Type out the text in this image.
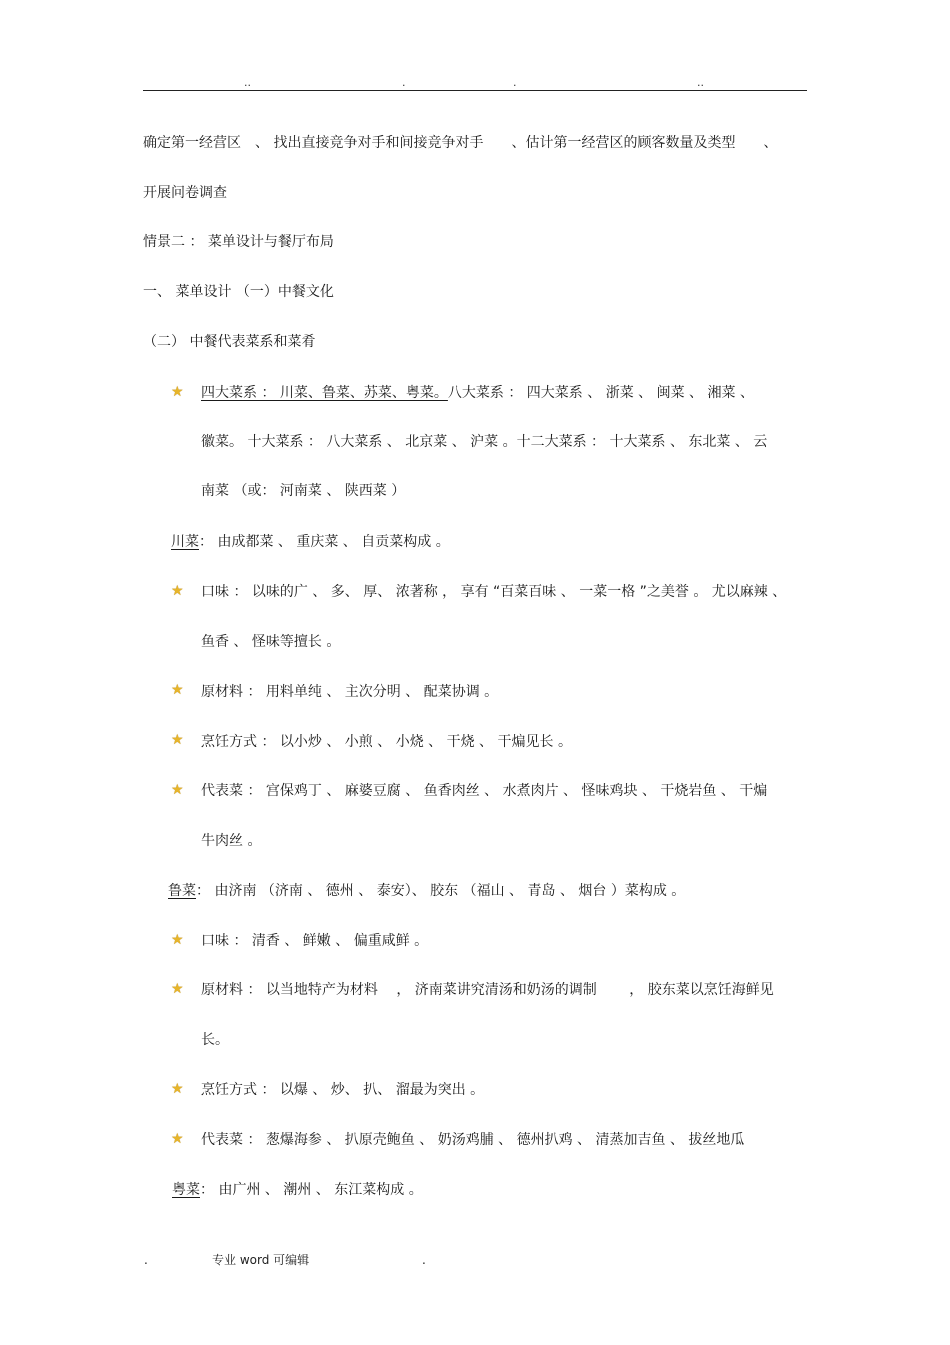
..	.	.	..
确定第一经营区　、 找出直接竞争对手和间接竞争对手　　、估计第一经营区的顾客数量及类型　　、
开展问卷调查
情景二 ： 菜单设计与餐厅布局
一、 菜单设计 （一）中餐文化
（二） 中餐代表菜系和菜肴
★ 四大菜系 ： 川菜、鲁菜、苏菜、粤菜。八大菜系 ： 四大菜系 、 浙菜 、 闽菜 、 湘菜 、
徽菜。 十大菜系 ： 八大菜系 、 北京菜 、 沪菜 。十二大菜系 ： 十大菜系 、 东北菜 、 云
南菜 （或： 河南菜 、 陕西菜 ）
川菜： 由成都菜 、 重庆菜 、 自贡菜构成 。
★ 口味 ： 以味的广 、 多、 厚、 浓著称 ， 享有 “百菜百味 、 一菜一格 ”之美誉 。 尤以麻辣 、
鱼香 、 怪味等擅长 。
★ 原材料 ： 用料单纯 、 主次分明 、 配菜协调 。
★ 烹饪方式 ： 以小炒 、 小煎 、 小烧 、 干烧 、 干煸见长 。
★ 代表菜 ： 宫保鸡丁 、 麻婆豆腐 、 鱼香肉丝 、 水煮肉片 、 怪味鸡块 、 干烧岩鱼 、 干煸
牛肉丝 。
鲁菜： 由济南 （济南 、 德州 、 泰安）、 胶东 （福山 、 青岛 、 烟台 ）菜构成 。
★ 口味 ： 清香 、 鲜嫩 、 偏重咸鲜 。
★ 原材料 ： 以当地特产为材料 　， 济南菜讲究清汤和奶汤的调制 　　， 胶东菜以烹饪海鲜见
长。
★ 烹饪方式 ： 以爆 、 炒、 扒、 溜最为突出 。
★ 代表菜 ： 葱爆海参 、 扒原壳鲍鱼 、 奶汤鸡脯 、 德州扒鸡 、 清蒸加吉鱼 、 拔丝地瓜
粤菜： 由广州 、 潮州 、 东江菜构成 。
.	专业 word 可编辑	.
